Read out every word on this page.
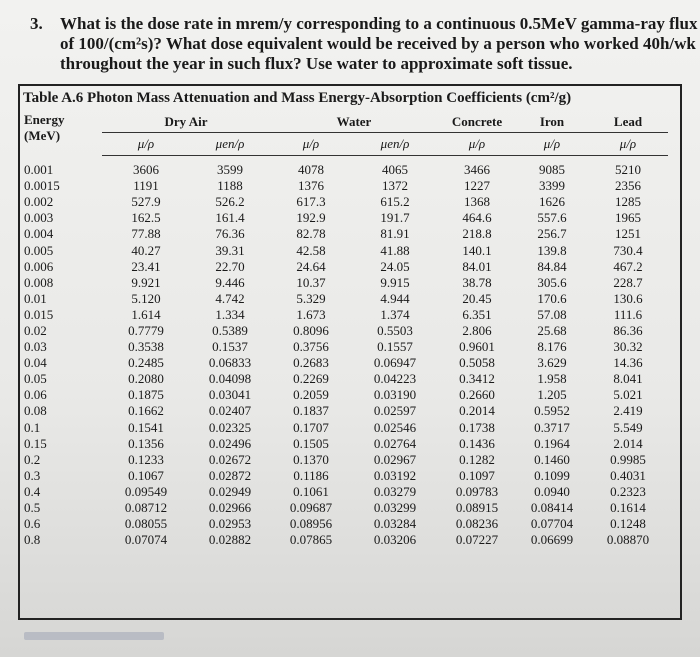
3. What is the dose rate in mrem/y corresponding to a continuous 0.5MeV gamma-ray flux
of 100/(cm²s)? What dose equivalent would be received by a person who worked 40h/wk
throughout the year in such flux? Use water to approximate soft tissue.
Table A.6 Photon Mass Attenuation and Mass Energy-Absorption Coefficients (cm²/g)
Energy
(MeV)	Dry Air		Water		Concrete	Iron	Lead
	μ/ρ	μen/ρ	μ/ρ	μen/ρ	μ/ρ	μ/ρ	μ/ρ
0.001	3606	3599	4078	4065	3466	9085	5210
0.0015	1191	1188	1376	1372	1227	3399	2356
0.002	527.9	526.2	617.3	615.2	1368	1626	1285
0.003	162.5	161.4	192.9	191.7	464.6	557.6	1965
0.004	77.88	76.36	82.78	81.91	218.8	256.7	1251
0.005	40.27	39.31	42.58	41.88	140.1	139.8	730.4
0.006	23.41	22.70	24.64	24.05	84.01	84.84	467.2
0.008	9.921	9.446	10.37	9.915	38.78	305.6	228.7
0.01	5.120	4.742	5.329	4.944	20.45	170.6	130.6
0.015	1.614	1.334	1.673	1.374	6.351	57.08	111.6
0.02	0.7779	0.5389	0.8096	0.5503	2.806	25.68	86.36
0.03	0.3538	0.1537	0.3756	0.1557	0.9601	8.176	30.32
0.04	0.2485	0.06833	0.2683	0.06947	0.5058	3.629	14.36
0.05	0.2080	0.04098	0.2269	0.04223	0.3412	1.958	8.041
0.06	0.1875	0.03041	0.2059	0.03190	0.2660	1.205	5.021
0.08	0.1662	0.02407	0.1837	0.02597	0.2014	0.5952	2.419
0.1	0.1541	0.02325	0.1707	0.02546	0.1738	0.3717	5.549
0.15	0.1356	0.02496	0.1505	0.02764	0.1436	0.1964	2.014
0.2	0.1233	0.02672	0.1370	0.02967	0.1282	0.1460	0.9985
0.3	0.1067	0.02872	0.1186	0.03192	0.1097	0.1099	0.4031
0.4	0.09549	0.02949	0.1061	0.03279	0.09783	0.0940	0.2323
0.5	0.08712	0.02966	0.09687	0.03299	0.08915	0.08414	0.1614
0.6	0.08055	0.02953	0.08956	0.03284	0.08236	0.07704	0.1248
0.8	0.07074	0.02882	0.07865	0.03206	0.07227	0.06699	0.08870
